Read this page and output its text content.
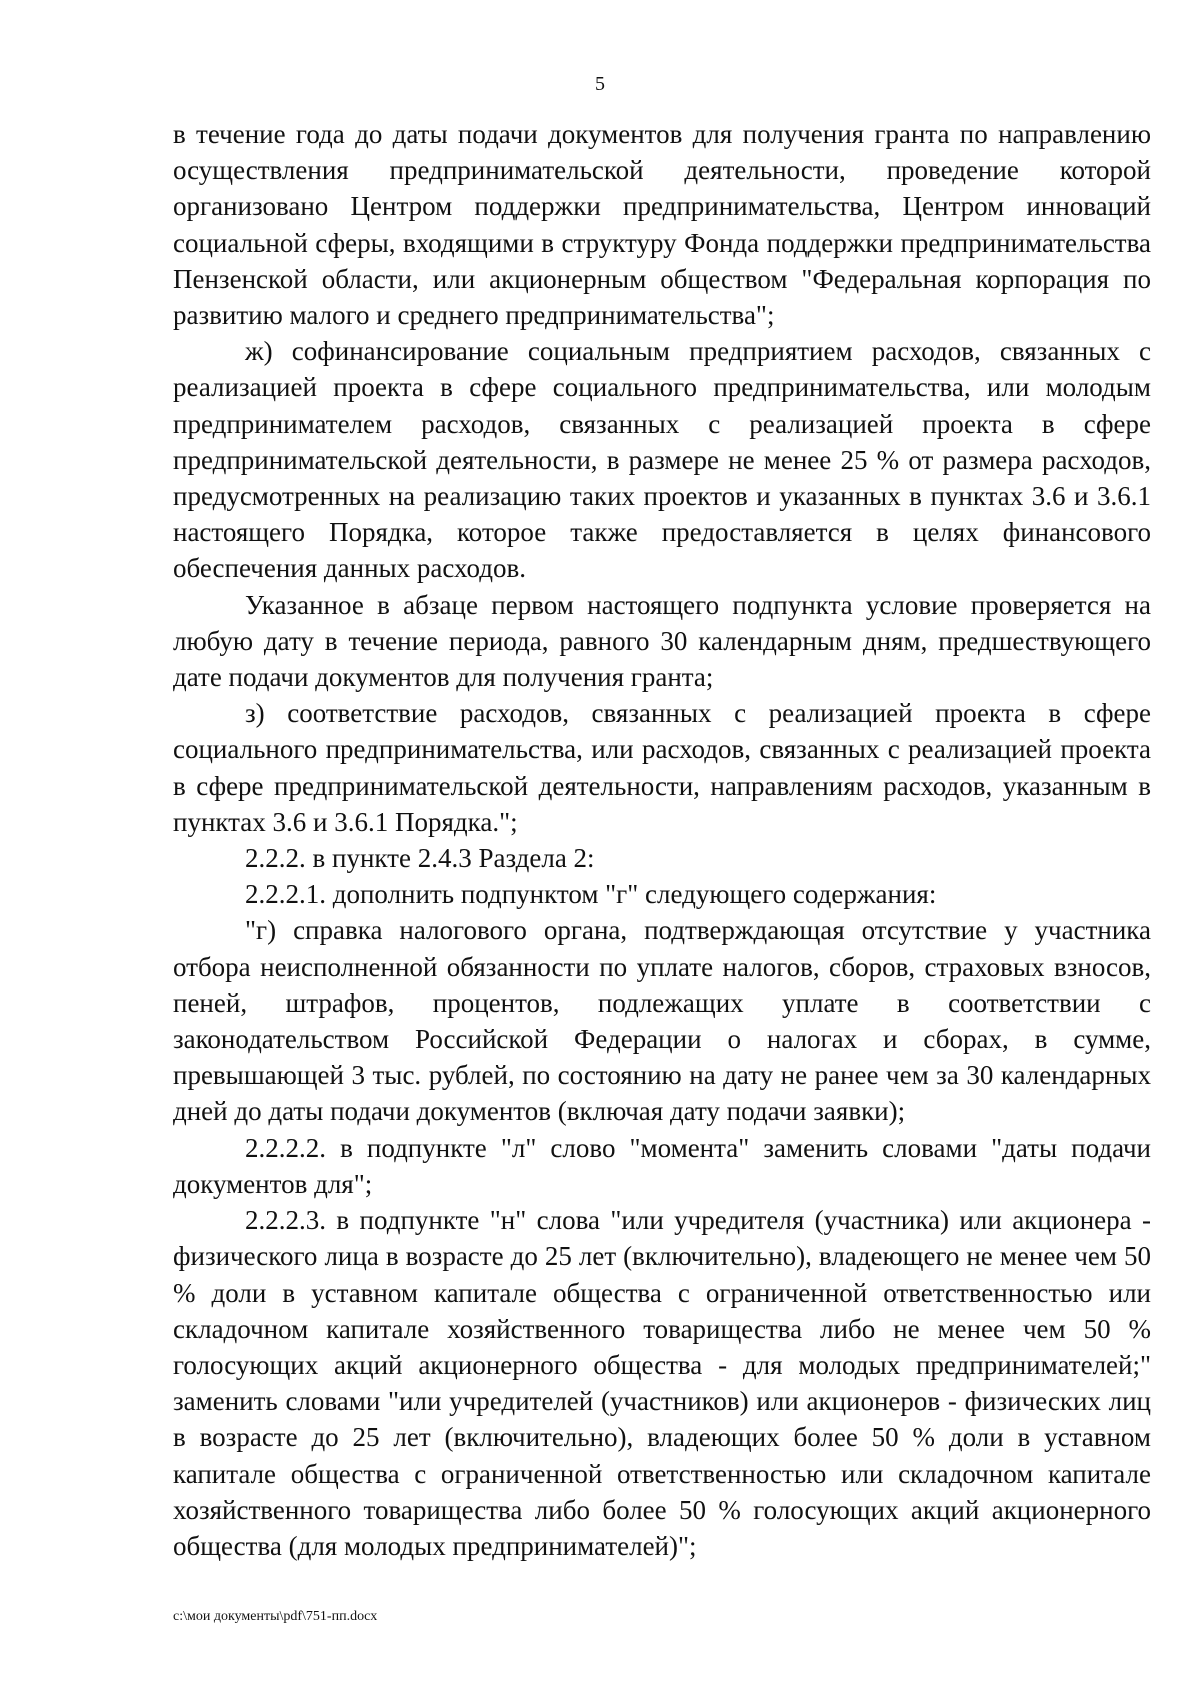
5

в течение года до даты подачи документов для получения гранта по направлению осуществления предпринимательской деятельности, проведение которой организовано Центром поддержки предпринимательства, Центром инноваций социальной сферы, входящими в структуру Фонда поддержки предпринимательства Пензенской области, или акционерным обществом "Федеральная корпорация по развитию малого и среднего предпринимательства";

ж) софинансирование социальным предприятием расходов, связанных с реализацией проекта в сфере социального предпринимательства, или молодым предпринимателем расходов, связанных с реализацией проекта в сфере предпринимательской деятельности, в размере не менее 25 % от размера расходов, предусмотренных на реализацию таких проектов и указанных в пунктах 3.6 и 3.6.1 настоящего Порядка, которое также предоставляется в целях финансового обеспечения данных расходов.

Указанное в абзаце первом настоящего подпункта условие проверяется на любую дату в течение периода, равного 30 календарным дням, предшествующего дате подачи документов для получения гранта;

з) соответствие расходов, связанных с реализацией проекта в сфере социального предпринимательства, или расходов, связанных с реализацией проекта в сфере предпринимательской деятельности, направлениям расходов, указанным в пунктах 3.6 и 3.6.1 Порядка.";

2.2.2. в пункте 2.4.3 Раздела 2:

2.2.2.1. дополнить подпунктом "г" следующего содержания:

"г) справка налогового органа, подтверждающая отсутствие у участника отбора неисполненной обязанности по уплате налогов, сборов, страховых взносов, пеней, штрафов, процентов, подлежащих уплате в соответствии с законодательством Российской Федерации о налогах и сборах, в сумме, превышающей 3 тыс. рублей, по состоянию на дату не ранее чем за 30 календарных дней до даты подачи документов (включая дату подачи заявки);

2.2.2.2. в подпункте "л" слово "момента" заменить словами "даты подачи документов для";

2.2.2.3. в подпункте "н" слова "или учредителя (участника) или акционера - физического лица в возрасте до 25 лет (включительно), владеющего не менее чем 50 % доли в уставном капитале общества с ограниченной ответственностью или складочном капитале хозяйственного товарищества либо не менее чем 50 % голосующих акций акционерного общества - для молодых предпринимателей;" заменить словами "или учредителей (участников) или акционеров - физических лиц в возрасте до 25 лет (включительно), владеющих более 50 % доли в уставном капитале общества с ограниченной ответственностью или складочном капитале хозяйственного товарищества либо более 50 % голосующих акций акционерного общества (для молодых предпринимателей)";

c:\мои документы\pdf\751-пп.docx
